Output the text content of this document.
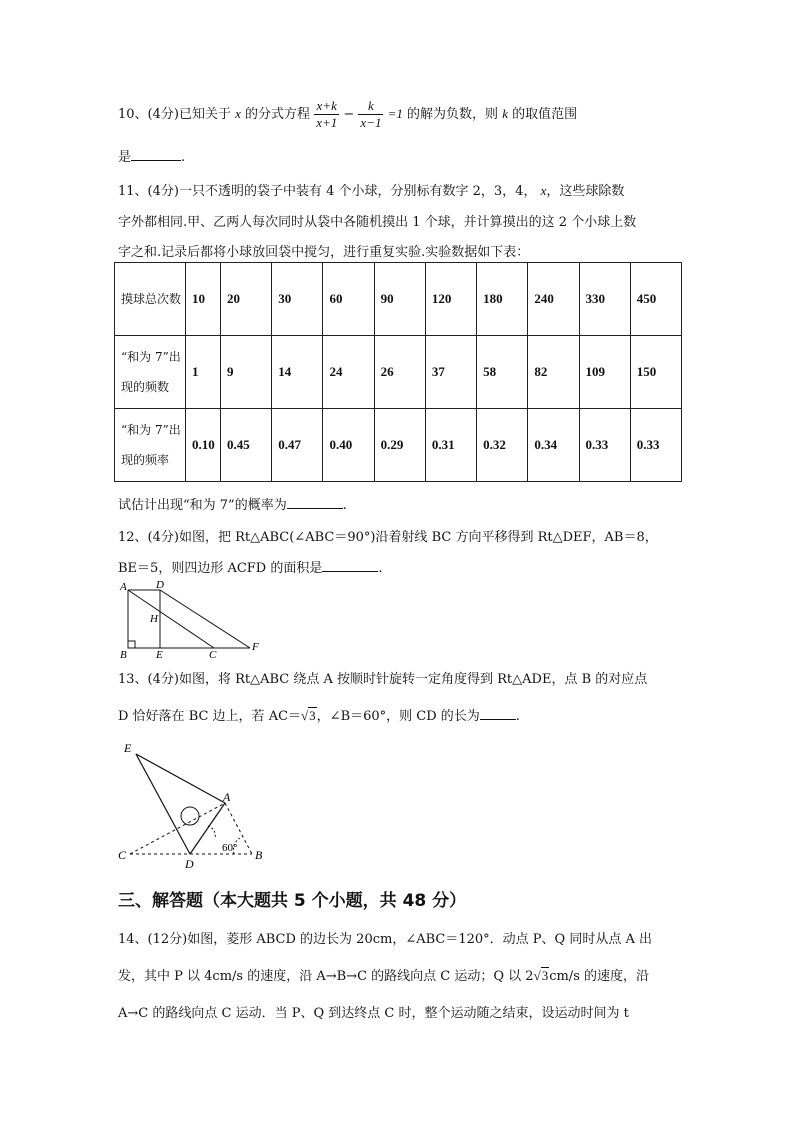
10、(4分)已知关于 x 的分式方程 $\frac{x+k}{x+1} - \frac{k}{x-1} =1$ 的解为负数，则 k 的取值范围
是	.
11、(4分)一只不透明的袋子中装有 4 个小球，分别标有数字 2，3，4， x，这些球除数
字外都相同.甲、乙两人每次同时从袋中各随机摸出 1 个球，并计算摸出的这 2 个小球上数
字之和.记录后都将小球放回袋中搅匀，进行重复实验.实验数据如下表：
摸球总次数	10	20	30	60	90	120	180	240	330	450
“和为 7”出现的频数	1	9	14	24	26	37	58	82	109	150
“和为 7”出现的频率	0.10	0.45	0.47	0.40	0.29	0.31	0.32	0.34	0.33	0.33
试估计出现“和为 7”的概率为	.
12、(4分)如图，把 Rt△ABC(∠ABC＝90°)沿着射线 BC 方向平移得到 Rt△DEF，AB＝8，
BE＝5，则四边形 ACFD 的面积是	.
A	D
H
B	E	C
F
13、(4分)如图，将 Rt△ABC 绕点 A 按顺时针旋转一定角度得到 Rt△ADE，点 B 的对应点
D 恰好落在 BC 边上，若 AC＝√3，∠B＝60°，则 CD 的长为	.
E
A
C
D
B
60°
三、解答题（本大题共 5 个小题，共 48 分）
14、(12分)如图，菱形 ABCD 的边长为 20cm，∠ABC＝120°．动点 P、Q 同时从点 A 出
发，其中 P 以 4cm/s 的速度，沿 A→B→C 的路线向点 C 运动；Q 以 2√3cm/s 的速度，沿
A→C 的路线向点 C 运动．当 P、Q 到达终点 C 时，整个运动随之结束，设运动时间为 t
